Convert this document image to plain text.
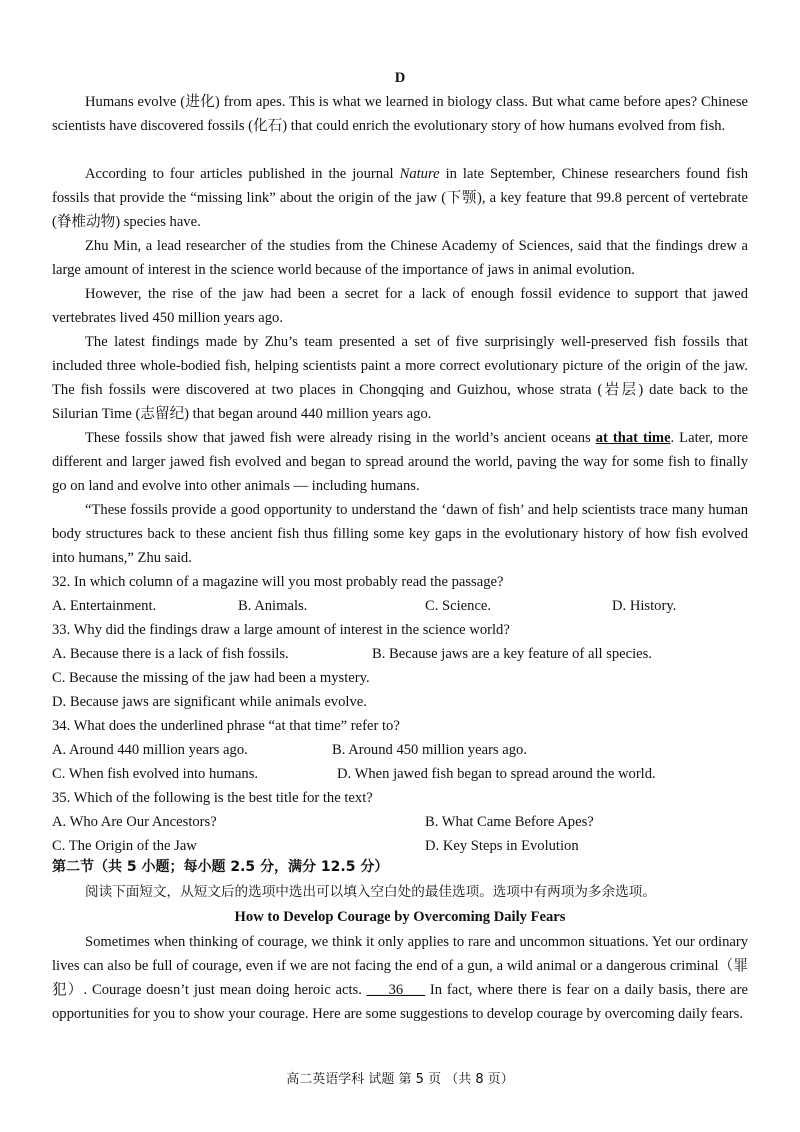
D

Humans evolve (进化) from apes. This is what we learned in biology class. But what came before apes? Chinese scientists have discovered fossils (化石) that could enrich the evolutionary story of how humans evolved from fish.

According to four articles published in the journal Nature in late September, Chinese researchers found fish fossils that provide the “missing link” about the origin of the jaw (下颚), a key feature that 99.8 percent of vertebrate (脊椎动物) species have.

Zhu Min, a lead researcher of the studies from the Chinese Academy of Sciences, said that the findings drew a large amount of interest in the science world because of the importance of jaws in animal evolution.

However, the rise of the jaw had been a secret for a lack of enough fossil evidence to support that jawed vertebrates lived 450 million years ago.

The latest findings made by Zhu’s team presented a set of five surprisingly well-preserved fish fossils that included three whole-bodied fish, helping scientists paint a more correct evolutionary picture of the origin of the jaw. The fish fossils were discovered at two places in Chongqing and Guizhou, whose strata (岩层) date back to the Silurian Time (志留纪) that began around 440 million years ago.

These fossils show that jawed fish were already rising in the world’s ancient oceans at that time. Later, more different and larger jawed fish evolved and began to spread around the world, paving the way for some fish to finally go on land and evolve into other animals — including humans.

“These fossils provide a good opportunity to understand the ‘dawn of fish’ and help scientists trace many human body structures back to these ancient fish thus filling some key gaps in the evolutionary history of how fish evolved into humans,” Zhu said.

32. In which column of a magazine will you most probably read the passage?

A. Entertainment.	B. Animals.	C. Science.	D. History.

33. Why did the findings draw a large amount of interest in the science world?

A. Because there is a lack of fish fossils.	B. Because jaws are a key feature of all species.

C. Because the missing of the jaw had been a mystery.

D. Because jaws are significant while animals evolve.

34. What does the underlined phrase “at that time” refer to?

A. Around 440 million years ago.	B. Around 450 million years ago.

C. When fish evolved into humans.	D. When jawed fish began to spread around the world.

35. Which of the following is the best title for the text?

A. Who Are Our Ancestors?	B. What Came Before Apes?

C. The Origin of the Jaw	D. Key Steps in Evolution

第二节（共 5 小题；每小题 2.5 分，满分 12.5 分）

阅读下面短文，从短文后的选项中选出可以填入空白处的最佳选项。选项中有两项为多余选项。

How to Develop Courage by Overcoming Daily Fears

Sometimes when thinking of courage, we think it only applies to rare and uncommon situations. Yet our ordinary lives can also be full of courage, even if we are not facing the end of a gun, a wild animal or a dangerous criminal（罪犯）. Courage doesn’t just mean doing heroic acts. ___36___ In fact, where there is fear on a daily basis, there are opportunities for you to show your courage. Here are some suggestions to develop courage by overcoming daily fears.

高二英语学科 试题 第 5 页 （共 8 页）
